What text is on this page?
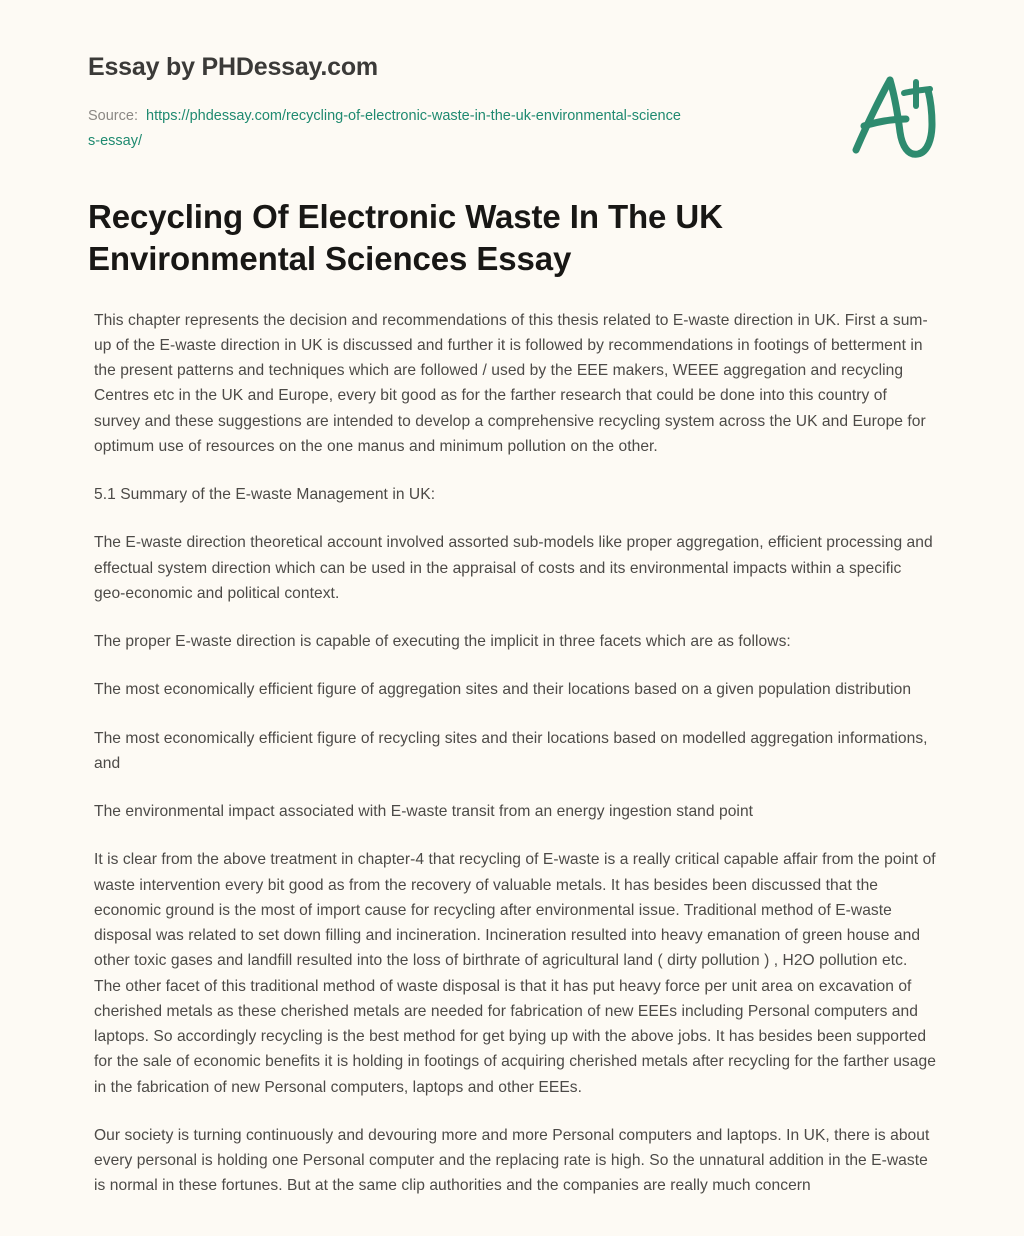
Essay by PHDessay.com
Source: https://phdessay.com/recycling-of-electronic-waste-in-the-uk-environmental-sciences-essay/
Recycling Of Electronic Waste In The UK Environmental Sciences Essay

This chapter represents the decision and recommendations of this thesis related to E-waste direction in UK. First a sum-up of the E-waste direction in UK is discussed and further it is followed by recommendations in footings of betterment in the present patterns and techniques which are followed / used by the EEE makers, WEEE aggregation and recycling Centres etc in the UK and Europe, every bit good as for the farther research that could be done into this country of survey and these suggestions are intended to develop a comprehensive recycling system across the UK and Europe for optimum use of resources on the one manus and minimum pollution on the other.

5.1 Summary of the E-waste Management in UK:

The E-waste direction theoretical account involved assorted sub-models like proper aggregation, efficient processing and effectual system direction which can be used in the appraisal of costs and its environmental impacts within a specific geo-economic and political context.

The proper E-waste direction is capable of executing the implicit in three facets which are as follows:

The most economically efficient figure of aggregation sites and their locations based on a given population distribution

The most economically efficient figure of recycling sites and their locations based on modelled aggregation informations, and

The environmental impact associated with E-waste transit from an energy ingestion stand point

It is clear from the above treatment in chapter-4 that recycling of E-waste is a really critical capable affair from the point of waste intervention every bit good as from the recovery of valuable metals. It has besides been discussed that the economic ground is the most of import cause for recycling after environmental issue. Traditional method of E-waste disposal was related to set down filling and incineration. Incineration resulted into heavy emanation of green house and other toxic gases and landfill resulted into the loss of birthrate of agricultural land ( dirty pollution ) , H2O pollution etc. The other facet of this traditional method of waste disposal is that it has put heavy force per unit area on excavation of cherished metals as these cherished metals are needed for fabrication of new EEEs including Personal computers and laptops. So accordingly recycling is the best method for get bying up with the above jobs. It has besides been supported for the sale of economic benefits it is holding in footings of acquiring cherished metals after recycling for the farther usage in the fabrication of new Personal computers, laptops and other EEEs.

Our society is turning continuously and devouring more and more Personal computers and laptops. In UK, there is about every personal is holding one Personal computer and the replacing rate is high. So the unnatural addition in the E-waste is normal in these fortunes. But at the same clip authorities and the companies are really much concern
